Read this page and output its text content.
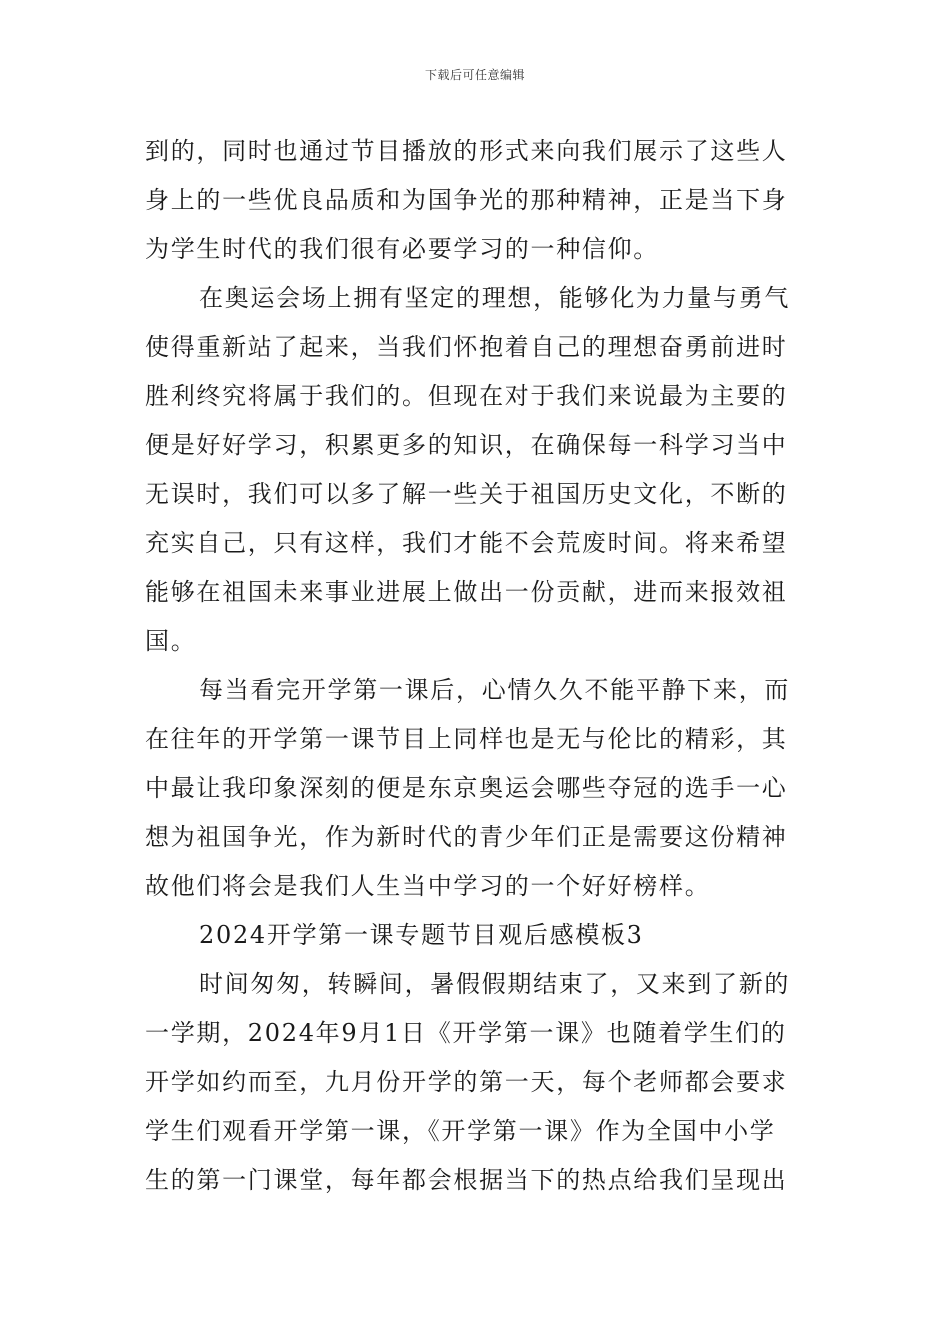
下载后可任意编辑
到的，同时也通过节目播放的形式来向我们展示了这些人
身上的一些优良品质和为国争光的那种精神，正是当下身
为学生时代的我们很有必要学习的一种信仰。
在奥运会场上拥有坚定的理想，能够化为力量与勇气
使得重新站了起来，当我们怀抱着自己的理想奋勇前进时
胜利终究将属于我们的。但现在对于我们来说最为主要的
便是好好学习，积累更多的知识，在确保每一科学习当中
无误时，我们可以多了解一些关于祖国历史文化，不断的
充实自己，只有这样，我们才能不会荒废时间。将来希望
能够在祖国未来事业进展上做出一份贡献，进而来报效祖
国。
每当看完开学第一课后，心情久久不能平静下来，而
在往年的开学第一课节目上同样也是无与伦比的精彩，其
中最让我印象深刻的便是东京奥运会哪些夺冠的选手一心
想为祖国争光，作为新时代的青少年们正是需要这份精神
故他们将会是我们人生当中学习的一个好好榜样。
2024开学第一课专题节目观后感模板3
时间匆匆，转瞬间，暑假假期结束了，又来到了新的
一学期，2024年9月1日《开学第一课》也随着学生们的
开学如约而至，九月份开学的第一天，每个老师都会要求
学生们观看开学第一课，《开学第一课》作为全国中小学
生的第一门课堂，每年都会根据当下的热点给我们呈现出
